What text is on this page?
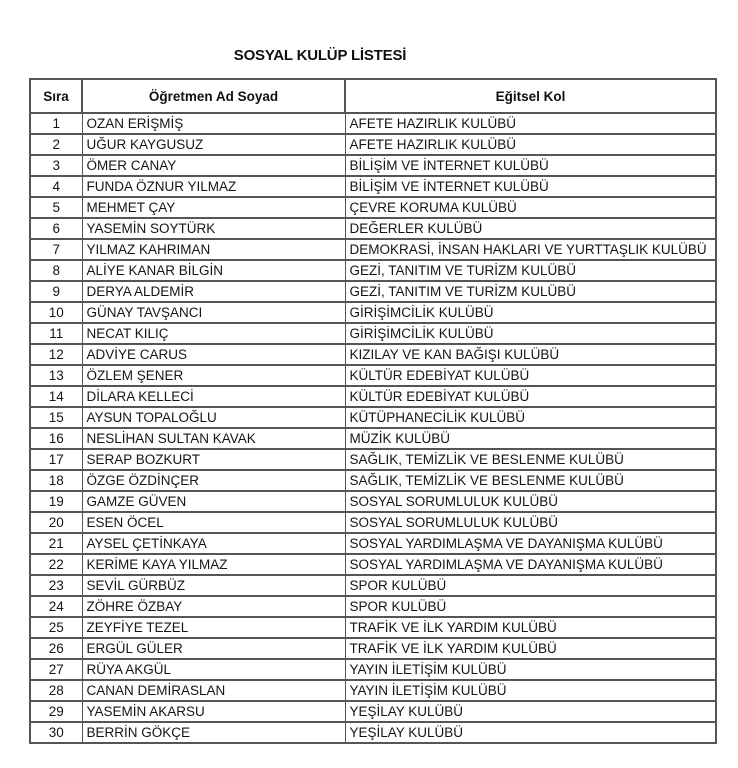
SOSYAL KULÜP LİSTESİ
Sıra	Öğretmen Ad Soyad	Eğitsel Kol
1	OZAN ERİŞMİŞ	AFETE HAZIRLIK KULÜBÜ
2	UĞUR KAYGUSUZ	AFETE HAZIRLIK KULÜBÜ
3	ÖMER CANAY	BİLİŞİM VE İNTERNET KULÜBÜ
4	FUNDA ÖZNUR YILMAZ	BİLİŞİM VE İNTERNET KULÜBÜ
5	MEHMET ÇAY	ÇEVRE KORUMA KULÜBÜ
6	YASEMİN SOYTÜRK	DEĞERLER KULÜBÜ
7	YILMAZ KAHRIMAN	DEMOKRASİ, İNSAN HAKLARI VE YURTTAŞLIK KULÜBÜ
8	ALİYE KANAR BİLGİN	GEZİ, TANITIM VE TURİZM KULÜBÜ
9	DERYA ALDEMİR	GEZİ, TANITIM VE TURİZM KULÜBÜ
10	GÜNAY TAVŞANCI	GİRİŞİMCİLİK KULÜBÜ
11	NECAT KILIÇ	GİRİŞİMCİLİK KULÜBÜ
12	ADVİYE CARUS	KIZILAY VE KAN BAĞIŞI KULÜBÜ
13	ÖZLEM ŞENER	KÜLTÜR EDEBİYAT KULÜBÜ
14	DİLARA KELLECİ	KÜLTÜR EDEBİYAT KULÜBÜ
15	AYSUN TOPALOĞLU	KÜTÜPHANECİLİK KULÜBÜ
16	NESLİHAN SULTAN KAVAK	MÜZİK KULÜBÜ
17	SERAP BOZKURT	SAĞLIK, TEMİZLİK VE BESLENME KULÜBÜ
18	ÖZGE ÖZDİNÇER	SAĞLIK, TEMİZLİK VE BESLENME KULÜBÜ
19	GAMZE GÜVEN	SOSYAL SORUMLULUK KULÜBÜ
20	ESEN ÖCEL	SOSYAL SORUMLULUK KULÜBÜ
21	AYSEL ÇETİNKAYA	SOSYAL YARDIMLAŞMA VE DAYANIŞMA KULÜBÜ
22	KERİME KAYA YILMAZ	SOSYAL YARDIMLAŞMA VE DAYANIŞMA KULÜBÜ
23	SEVİL GÜRBÜZ	SPOR KULÜBÜ
24	ZÖHRE ÖZBAY	SPOR KULÜBÜ
25	ZEYFİYE TEZEL	TRAFİK VE İLK YARDIM KULÜBÜ
26	ERGÜL GÜLER	TRAFİK VE İLK YARDIM KULÜBÜ
27	RÜYA AKGÜL	YAYIN İLETİŞİM KULÜBÜ
28	CANAN DEMİRASLAN	YAYIN İLETİŞİM KULÜBÜ
29	YASEMİN AKARSU	YEŞİLAY KULÜBÜ
30	BERRİN GÖKÇE	YEŞİLAY KULÜBÜ
